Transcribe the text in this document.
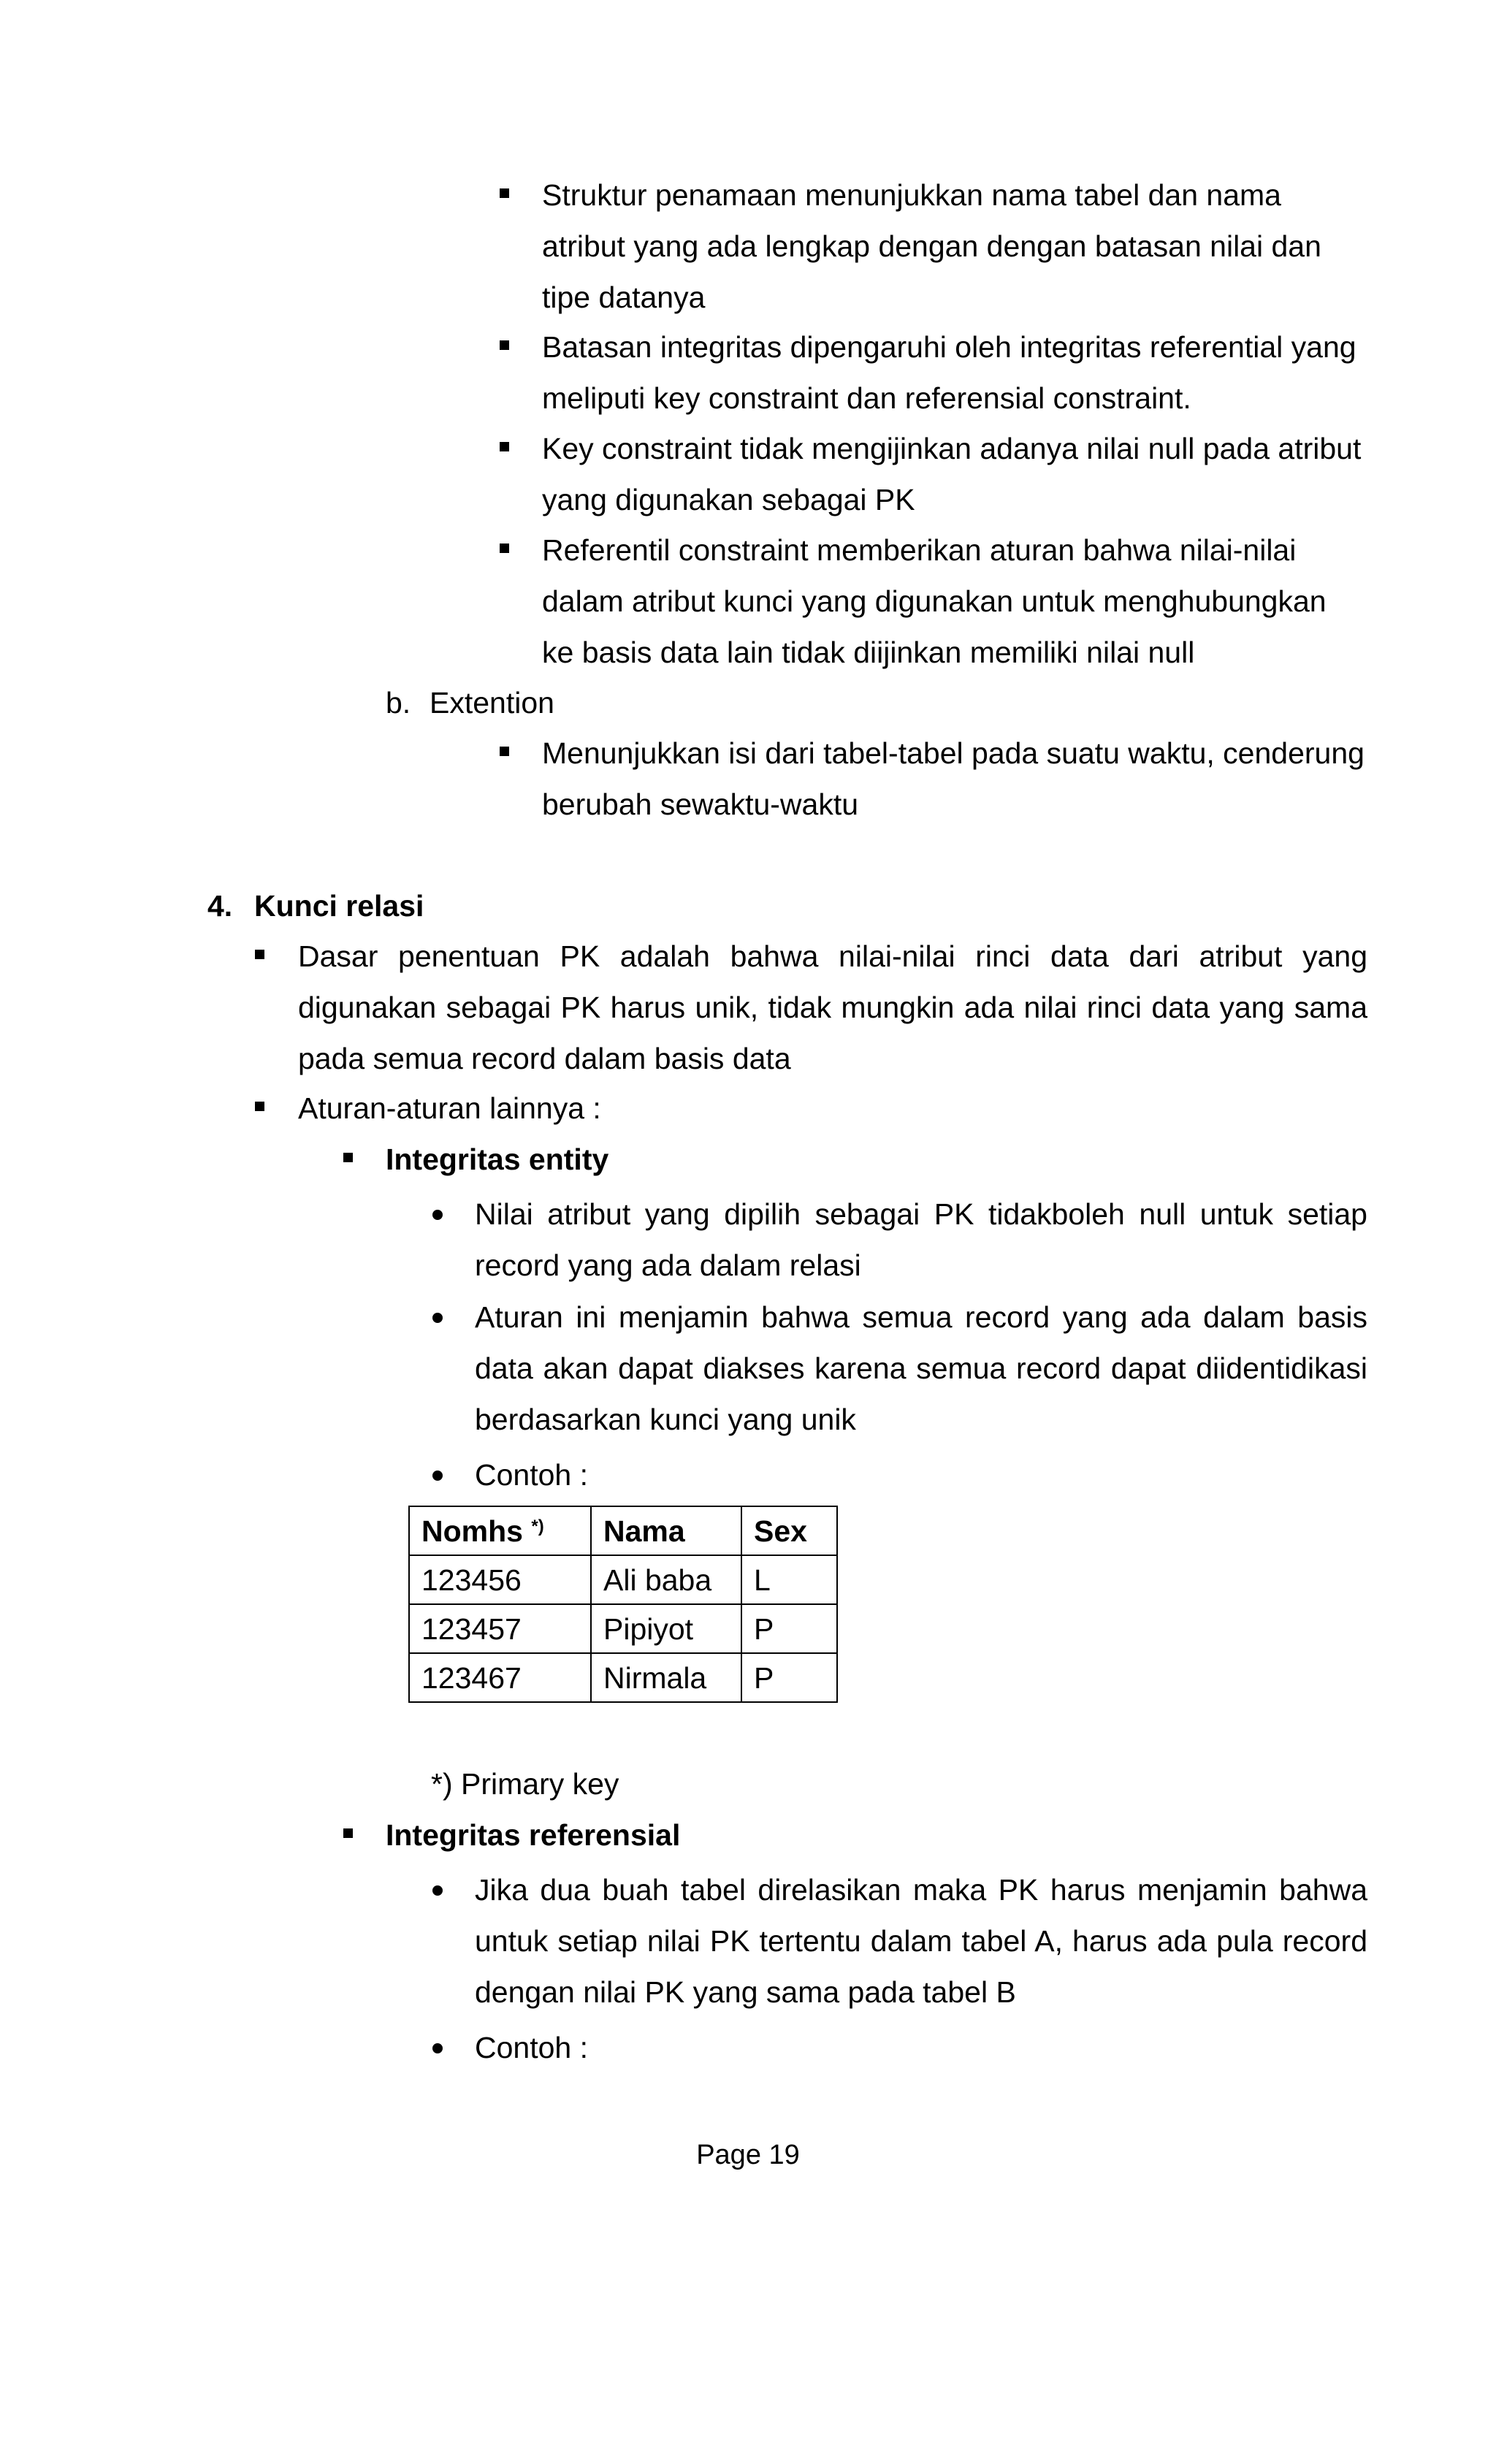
Struktur penamaan menunjukkan nama tabel dan nama atribut yang ada lengkap dengan dengan batasan nilai dan tipe datanya
Batasan integritas dipengaruhi oleh integritas referential yang meliputi key constraint dan referensial constraint.
Key constraint tidak mengijinkan adanya nilai null pada atribut yang digunakan sebagai PK
Referentil constraint memberikan aturan bahwa nilai-nilai dalam atribut kunci yang digunakan untuk menghubungkan ke basis data lain tidak diijinkan memiliki nilai null
b. Extention
Menunjukkan isi dari tabel-tabel pada suatu waktu, cenderung berubah sewaktu-waktu
4. Kunci relasi
Dasar penentuan PK adalah bahwa nilai-nilai rinci data dari atribut yang digunakan sebagai PK harus unik, tidak mungkin ada nilai rinci data yang sama pada semua record dalam basis data
Aturan-aturan lainnya :
Integritas entity
Nilai atribut yang dipilih sebagai PK tidakboleh null untuk setiap record yang ada dalam relasi
Aturan ini menjamin bahwa semua record yang ada dalam basis data akan dapat diakses karena semua record dapat diidentidikasi berdasarkan kunci yang unik
Contoh :
Nomhs *)	Nama	Sex
123456	Ali baba	L
123457	Pipiyot	P
123467	Nirmala	P
*) Primary key
Integritas referensial
Jika dua buah tabel direlasikan maka PK harus menjamin bahwa untuk setiap nilai PK tertentu dalam tabel A, harus ada pula record dengan nilai PK yang sama pada tabel B
Contoh :
Page 19
